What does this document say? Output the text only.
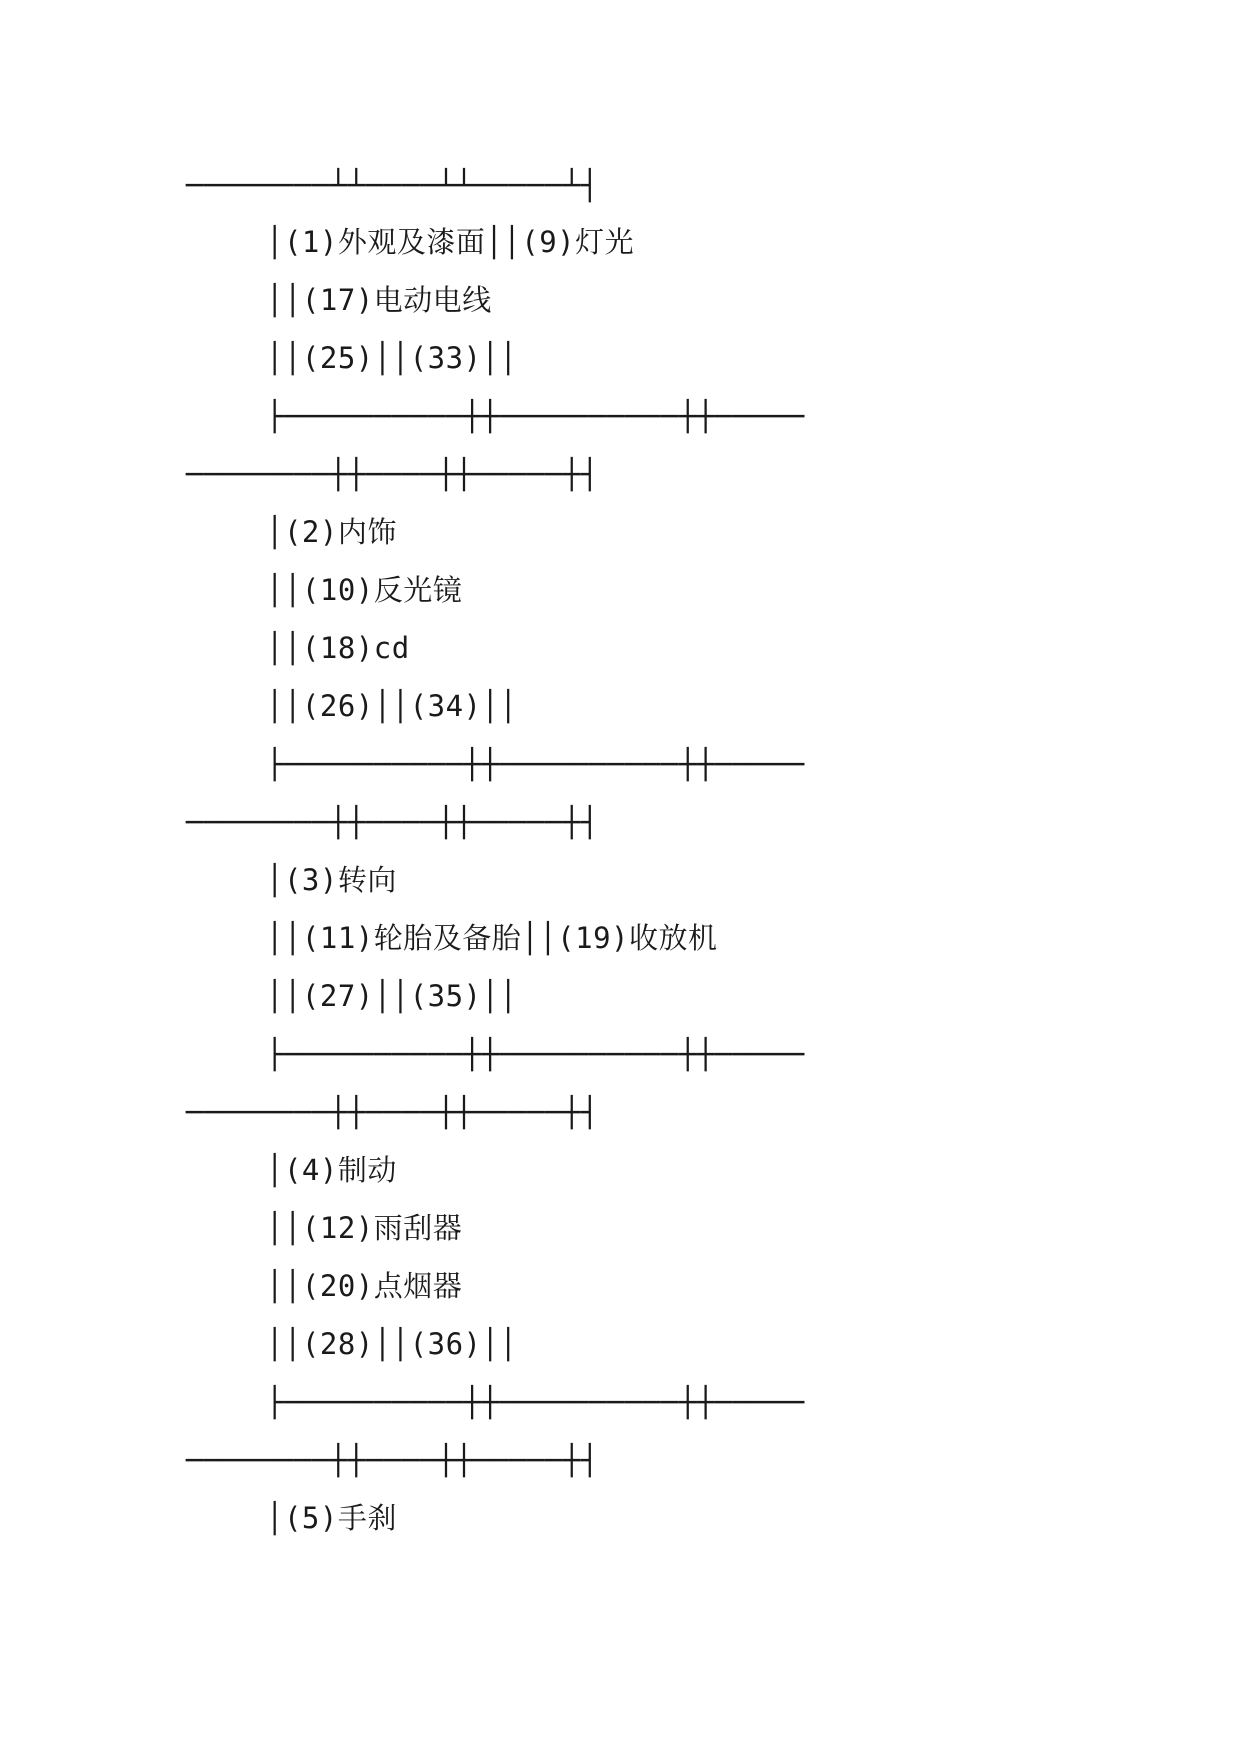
────────┴┴────┴┴─────┴┤
│(1)外观及漆面││(9)灯光
││(17)电动电线
││(25)││(33)││
├──────────┼┼──────────┼┼─────
────────┼┼────┼┼─────┼┤
│(2)内饰
││(10)反光镜
││(18)cd
││(26)││(34)││
├──────────┼┼──────────┼┼─────
────────┼┼────┼┼─────┼┤
│(3)转向
││(11)轮胎及备胎││(19)收放机
││(27)││(35)││
├──────────┼┼──────────┼┼─────
────────┼┼────┼┼─────┼┤
│(4)制动
││(12)雨刮器
││(20)点烟器
││(28)││(36)││
├──────────┼┼──────────┼┼─────
────────┼┼────┼┼─────┼┤
│(5)手刹
